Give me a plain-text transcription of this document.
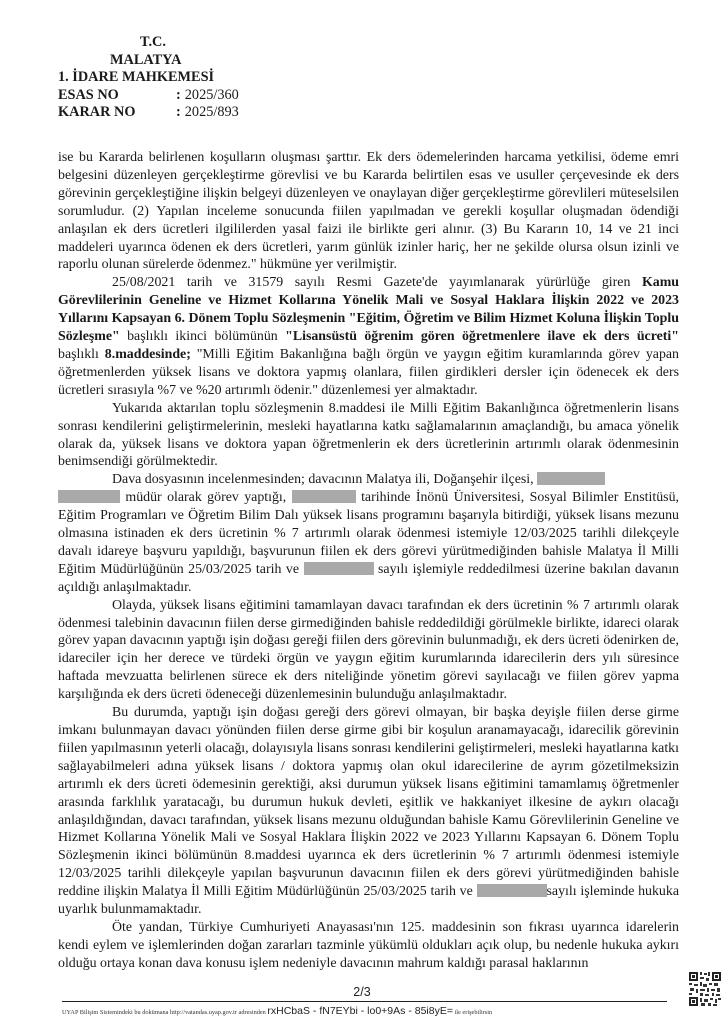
T.C.
MALATYA
1. İDARE MAHKEMESİ
ESAS NO	: 2025/360
KARAR NO	: 2025/893

ise bu Kararda belirlenen koşulların oluşması şarttır. Ek ders ödemelerinden harcama yetkilisi, ödeme emri belgesini düzenleyen gerçekleştirme görevlisi ve bu Kararda belirtilen esas ve usuller çerçevesinde ek ders görevinin gerçekleştiğine ilişkin belgeyi düzenleyen ve onaylayan diğer gerçekleştirme görevlileri müteselsilen sorumludur. (2) Yapılan inceleme sonucunda fiilen yapılmadan ve gerekli koşullar oluşmadan ödendiği anlaşılan ek ders ücretleri ilgililerden yasal faizi ile birlikte geri alınır. (3) Bu Kararın 10, 14 ve 21 inci maddeleri uyarınca ödenen ek ders ücretleri, yarım günlük izinler hariç, her ne şekilde olursa olsun izinli ve raporlu olunan sürelerde ödenmez." hükmüne yer verilmiştir.

25/08/2021 tarih ve 31579 sayılı Resmi Gazete'de yayımlanarak yürürlüğe giren Kamu Görevlilerinin Geneline ve Hizmet Kollarına Yönelik Mali ve Sosyal Haklara İlişkin 2022 ve 2023 Yıllarını Kapsayan 6. Dönem Toplu Sözleşmenin "Eğitim, Öğretim ve Bilim Hizmet Koluna İlişkin Toplu Sözleşme" başlıklı ikinci bölümünün "Lisansüstü öğrenim gören öğretmenlere ilave ek ders ücreti" başlıklı 8.maddesinde; "Milli Eğitim Bakanlığına bağlı örgün ve yaygın eğitim kuramlarında görev yapan öğretmenlerden yüksek lisans ve doktora yapmış olanlara, fiilen girdikleri dersler için ödenecek ek ders ücretleri sırasıyla %7 ve %20 artırımlı ödenir." düzenlemesi yer almaktadır.

Yukarıda aktarılan toplu sözleşmenin 8.maddesi ile Milli Eğitim Bakanlığınca öğretmenlerin lisans sonrası kendilerini geliştirmelerinin, mesleki hayatlarına katkı sağlamalarının amaçlandığı, bu amaca yönelik olarak da, yüksek lisans ve doktora yapan öğretmenlerin ek ders ücretlerinin artırımlı olarak ödenmesinin benimsendiği görülmektedir.

Dava dosyasının incelenmesinden; davacının Malatya ili, Doğanşehir ilçesi,
müdür olarak görev yaptığı,	tarihinde İnönü Üniversitesi, Sosyal Bilimler Enstitüsü, Eğitim Programları ve Öğretim Bilim Dalı yüksek lisans programını başarıyla bitirdiği, yüksek lisans mezunu olmasına istinaden ek ders ücretinin % 7 artırımlı olarak ödenmesi istemiyle 12/03/2025 tarihli dilekçeyle davalı idareye başvuru yapıldığı, başvurunun fiilen ek ders görevi yürütmediğinden bahisle Malatya İl Milli Eğitim Müdürlüğünün 25/03/2025 tarih ve	sayılı işlemiyle reddedilmesi üzerine bakılan davanın açıldığı anlaşılmaktadır.

Olayda, yüksek lisans eğitimini tamamlayan davacı tarafından ek ders ücretinin % 7 artırımlı olarak ödenmesi talebinin davacının fiilen derse girmediğinden bahisle reddedildiği görülmekle birlikte, idareci olarak görev yapan davacının yaptığı işin doğası gereği fiilen ders görevinin bulunmadığı, ek ders ücreti ödenirken de, idareciler için her derece ve türdeki örgün ve yaygın eğitim kurumlarında idarecilerin ders yılı süresince haftada mevzuatta belirlenen sürece ek ders niteliğinde yönetim görevi sayılacağı ve fiilen görev yapma karşılığında ek ders ücreti ödeneceği düzenlemesinin bulunduğu anlaşılmaktadır.

Bu durumda, yaptığı işin doğası gereği ders görevi olmayan, bir başka deyişle fiilen derse girme imkanı bulunmayan davacı yönünden fiilen derse girme gibi bir koşulun aranamayacağı, idarecilik görevinin fiilen yapılmasının yeterli olacağı, dolayısıyla lisans sonrası kendilerini geliştirmeleri, mesleki hayatlarına katkı sağlayabilmeleri adına yüksek lisans / doktora yapmış olan okul idarecilerine de ayrım gözetilmeksizin artırımlı ek ders ücreti ödemesinin gerektiği, aksi durumun yüksek lisans eğitimini tamamlamış öğretmenler arasında farklılık yaratacağı, bu durumun hukuk devleti, eşitlik ve hakkaniyet ilkesine de aykırı olacağı anlaşıldığından, davacı tarafından, yüksek lisans mezunu olduğundan bahisle Kamu Görevlilerinin Geneline ve Hizmet Kollarına Yönelik Mali ve Sosyal Haklara İlişkin 2022 ve 2023 Yıllarını Kapsayan 6. Dönem Toplu Sözleşmenin ikinci bölümünün 8.maddesi uyarınca ek ders ücretlerinin % 7 artırımlı ödenmesi istemiyle 12/03/2025 tarihli dilekçeyle yapılan başvurunun davacının fiilen ek ders görevi yürütmediğinden bahisle reddine ilişkin Malatya İl Milli Eğitim Müdürlüğünün 25/03/2025 tarih ve	sayılı işleminde hukuka uyarlık bulunmamaktadır.

Öte yandan, Türkiye Cumhuriyeti Anayasası'nın 125. maddesinin son fıkrası uyarınca idarelerin kendi eylem ve işlemlerinden doğan zararları tazminle yükümlü oldukları açık olup, bu nedenle hukuka aykırı olduğu ortaya konan dava konusu işlem nedeniyle davacının mahrum kaldığı parasal haklarının

2/3
UYAP Bilişim Sistemindeki bu dokümana http://vatandas.uyap.gov.tr adresinden rxHCbaS - fN7EYbi - lo0+9As - 85i8yE= ile erişebilirsin
